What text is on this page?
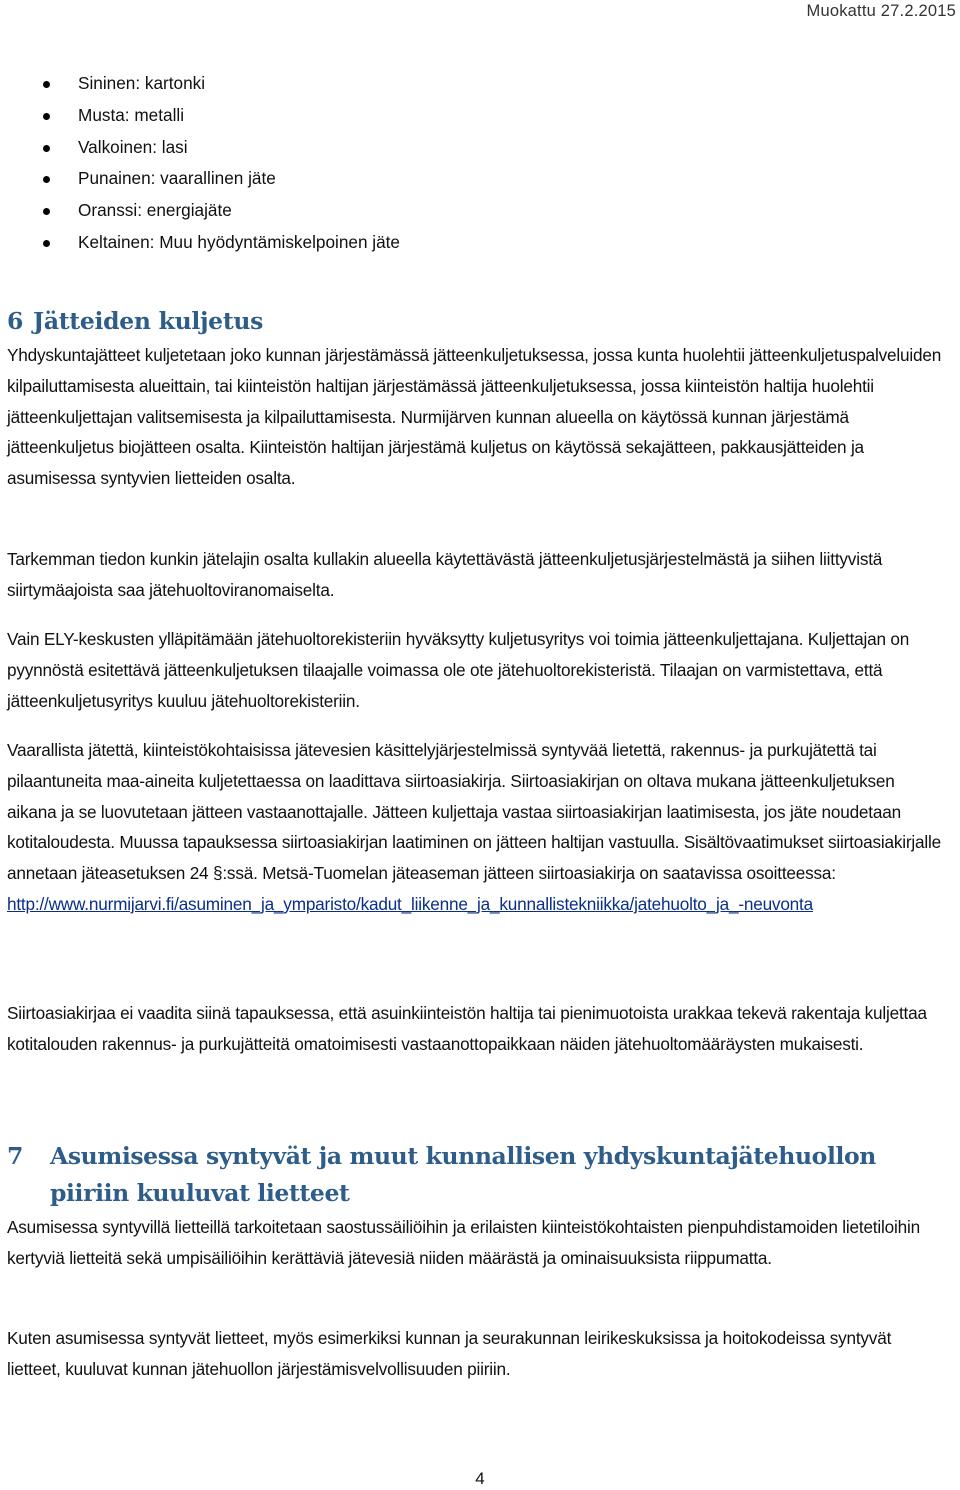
Muokattu 27.2.2015
Sininen: kartonki
Musta: metalli
Valkoinen: lasi
Punainen: vaarallinen jäte
Oranssi: energiajäte
Keltainen: Muu hyödyntämiskelpoinen jäte
6 Jätteiden kuljetus

Yhdyskuntajätteet kuljetetaan joko kunnan järjestämässä jätteenkuljetuksessa, jossa kunta huolehtii jätteenkuljetuspalveluiden kilpailuttamisesta alueittain, tai kiinteistön haltijan järjestämässä jätteenkuljetuksessa, jossa kiinteistön haltija huolehtii jätteenkuljettajan valitsemisesta ja kilpailuttamisesta. Nurmijärven kunnan alueella on käytössä kunnan järjestämä jätteenkuljetus biojätteen osalta. Kiinteistön haltijan järjestämä kuljetus on käytössä sekajätteen, pakkausjätteiden ja asumisessa syntyvien lietteiden osalta.

Tarkemman tiedon kunkin jätelajin osalta kullakin alueella käytettävästä jätteenkuljetusjärjestelmästä ja siihen liittyvistä siirtymäajoista saa jätehuoltoviranomaiselta.

Vain ELY-keskusten ylläpitämään jätehuoltorekisteriin hyväksytty kuljetusyritys voi toimia jätteenkuljettajana. Kuljettajan on pyynnöstä esitettävä jätteenkuljetuksen tilaajalle voimassa ole ote jätehuoltorekisteristä. Tilaajan on varmistettava, että jätteenkuljetusyritys kuuluu jätehuoltorekisteriin.

Vaarallista jätettä, kiinteistökohtaisissa jätevesien käsittelyjärjestelmissä syntyvää lietettä, rakennus- ja purkujätettä tai pilaantuneita maa-aineita kuljetettaessa on laadittava siirtoasiakirja. Siirtoasiakirjan on oltava mukana jätteenkuljetuksen aikana ja se luovutetaan jätteen vastaanottajalle. Jätteen kuljettaja vastaa siirtoasiakirjan laatimisesta, jos jäte noudetaan kotitaloudesta. Muussa tapauksessa siirtoasiakirjan laatiminen on jätteen haltijan vastuulla. Sisältövaatimukset siirtoasiakirjalle annetaan jäteasetuksen 24 §:ssä. Metsä-Tuomelan jäteaseman jätteen siirtoasiakirja on saatavissa osoitteessa: http://www.nurmijarvi.fi/asuminen_ja_ymparisto/kadut_liikenne_ja_kunnallistekniikka/jatehuolto_ja_-neuvonta

Siirtoasiakirjaa ei vaadita siinä tapauksessa, että asuinkiinteistön haltija tai pienimuotoista urakkaa tekevä rakentaja kuljettaa kotitalouden rakennus- ja purkujätteitä omatoimisesti vastaanottopaikkaan näiden jätehuoltomääräysten mukaisesti.

7 Asumisessa syntyvät ja muut kunnallisen yhdyskuntajätehuollon
piiriin kuuluvat lietteet

Asumisessa syntyvillä lietteillä tarkoitetaan saostussäiliöihin ja erilaisten kiinteistökohtaisten pienpuhdistamoiden lietetiloihin kertyviä lietteitä sekä umpisäiliöihin kerättäviä jätevesiä niiden määrästä ja ominaisuuksista riippumatta.

Kuten asumisessa syntyvät lietteet, myös esimerkiksi kunnan ja seurakunnan leirikeskuksissa ja hoitokodeissa syntyvät lietteet, kuuluvat kunnan jätehuollon järjestämisvelvollisuuden piiriin.

4
